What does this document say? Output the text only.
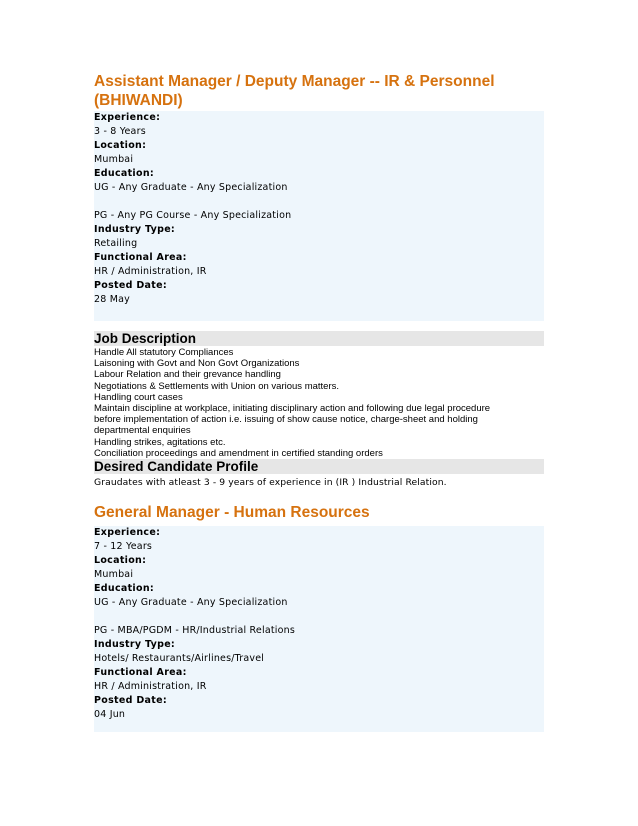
Assistant Manager / Deputy Manager -- IR & Personnel
(BHIWANDI)
Experience:
3 - 8 Years
Location:
Mumbai
Education:
UG - Any Graduate - Any Specialization
PG - Any PG Course - Any Specialization
Industry Type:
Retailing
Functional Area:
HR / Administration, IR
Posted Date:
28 May
Job Description
Handle All statutory Compliances
Laisoning with Govt and Non Govt Organizations
Labour Relation and their grevance handling
Negotiations & Settlements with Union on various matters.
Handling court cases
Maintain discipline at workplace, initiating disciplinary action and following due legal procedure
before implementation of action i.e. issuing of show cause notice, charge-sheet and holding
departmental enquiries
Handling strikes, agitations etc.
Conciliation proceedings and amendment in certified standing orders
Desired Candidate Profile
Graudates with atleast 3 - 9 years of experience in (IR ) Industrial Relation.
General Manager - Human Resources
Experience:
7 - 12 Years
Location:
Mumbai
Education:
UG - Any Graduate - Any Specialization
PG - MBA/PGDM - HR/Industrial Relations
Industry Type:
Hotels/ Restaurants/Airlines/Travel
Functional Area:
HR / Administration, IR
Posted Date:
04 Jun
